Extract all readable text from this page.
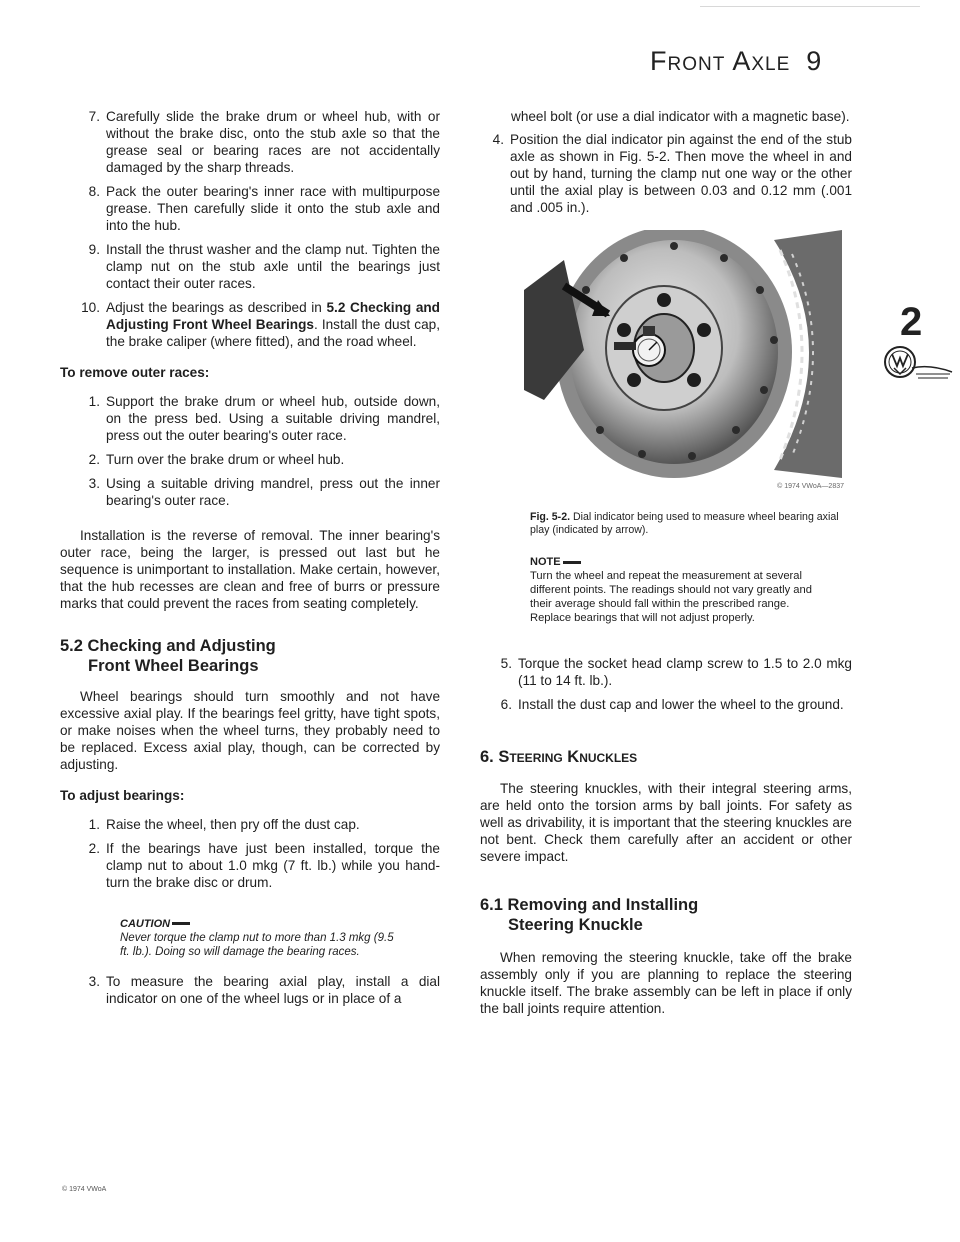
Front Axle 9
2
7. Carefully slide the brake drum or wheel hub, with or without the brake disc, onto the stub axle so that the grease seal or bearing races are not accidentally damaged by the sharp threads.
8. Pack the outer bearing's inner race with multipurpose grease. Then carefully slide it onto the stub axle and into the hub.
9. Install the thrust washer and the clamp nut. Tighten the clamp nut on the stub axle until the bearings just contact their outer races.
10. Adjust the bearings as described in 5.2 Checking and Adjusting Front Wheel Bearings. Install the dust cap, the brake caliper (where fitted), and the road wheel.

To remove outer races:

1. Support the brake drum or wheel hub, outside down, on the press bed. Using a suitable driving mandrel, press out the outer bearing's outer race.
2. Turn over the brake drum or wheel hub.
3. Using a suitable driving mandrel, press out the inner bearing's outer race.

Installation is the reverse of removal. The inner bearing's outer race, being the larger, is pressed out last but he sequence is unimportant to installation. Make certain, however, that the hub recesses are clean and free of burrs or pressure marks that could prevent the races from seating completely.

5.2 Checking and Adjusting
Front Wheel Bearings

Wheel bearings should turn smoothly and not have excessive axial play. If the bearings feel gritty, have tight spots, or make noises when the wheel turns, they probably need to be replaced. Excess axial play, though, can be corrected by adjusting.

To adjust bearings:

1. Raise the wheel, then pry off the dust cap.
2. If the bearings have just been installed, torque the clamp nut to about 1.0 mkg (7 ft. lb.) while you hand-turn the brake disc or drum.
CAUTION
Never torque the clamp nut to more than 1.3 mkg (9.5 ft. lb.). Doing so will damage the bearing races.
3. To measure the bearing axial play, install a dial indicator on one of the wheel lugs or in place of a
© 1974 VWoA

wheel bolt (or use a dial indicator with a magnetic base).

4. Position the dial indicator pin against the end of the stub axle as shown in Fig. 5-2. Then move the wheel in and out by hand, turning the clamp nut one way or the other until the axial play is between 0.03 and 0.12 mm (.001 and .005 in.).
© 1974 VWoA—2837
Fig. 5-2. Dial indicator being used to measure wheel bearing axial play (indicated by arrow).
NOTE
Turn the wheel and repeat the measurement at several different points. The readings should not vary greatly and their average should fall within the prescribed range. Replace bearings that will not adjust properly.
5. Torque the socket head clamp screw to 1.5 to 2.0 mkg (11 to 14 ft. lb.).
6. Install the dust cap and lower the wheel to the ground.

6. Steering Knuckles

The steering knuckles, with their integral steering arms, are held onto the torsion arms by ball joints. For safety as well as drivability, it is important that the steering knuckles are not bent. Check them carefully after an accident or other severe impact.

6.1 Removing and Installing
Steering Knuckle

When removing the steering knuckle, take off the brake assembly only if you are planning to replace the steering knuckle itself. The brake assembly can be left in place if only the ball joints require attention.
